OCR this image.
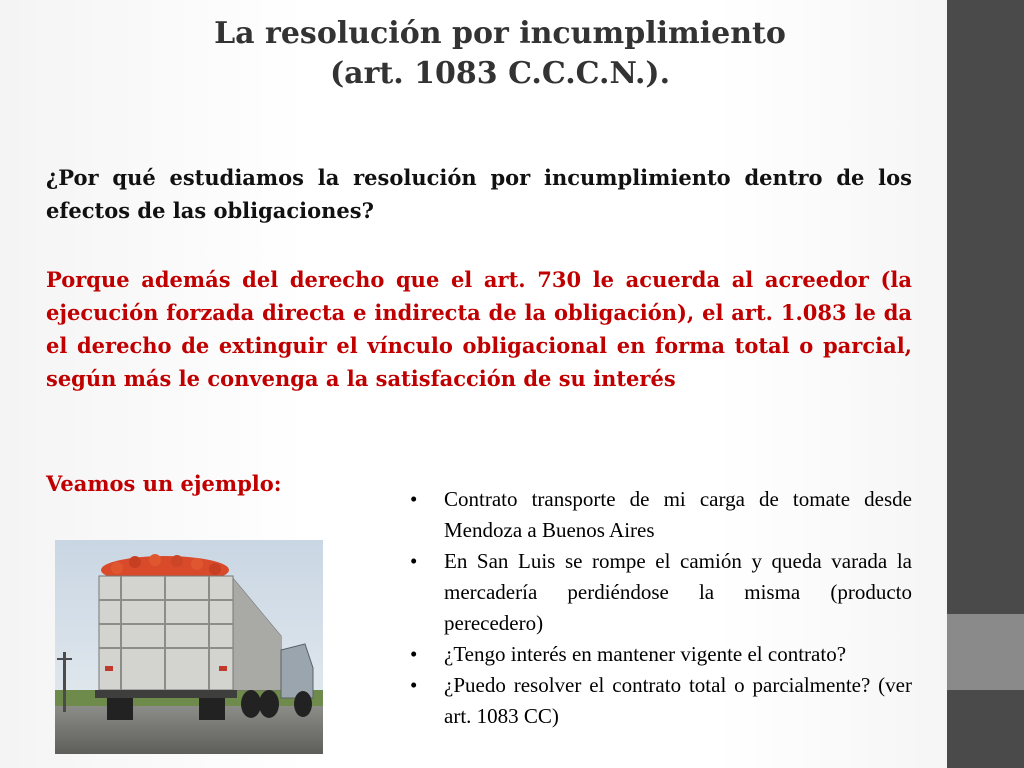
La resolución por incumplimiento (art. 1083 C.C.C.N.).

¿Por qué estudiamos la resolución por incumplimiento dentro de los efectos de las obligaciones?

Porque además del derecho que el art. 730 le acuerda al acreedor (la ejecución forzada directa e indirecta de la obligación), el art. 1.083 le da el derecho de extinguir el vínculo obligacional en forma total o parcial, según más le convenga a la satisfacción de su interés

Veamos un ejemplo:

•	Contrato transporte de mi carga de tomate desde Mendoza a Buenos Aires
•	En San Luis se rompe el camión y queda varada la mercadería perdiéndose la misma (producto perecedero)
•	¿Tengo interés en mantener vigente el contrato?
•	¿Puedo resolver el contrato total o parcialmente? (ver art. 1083 CC)
